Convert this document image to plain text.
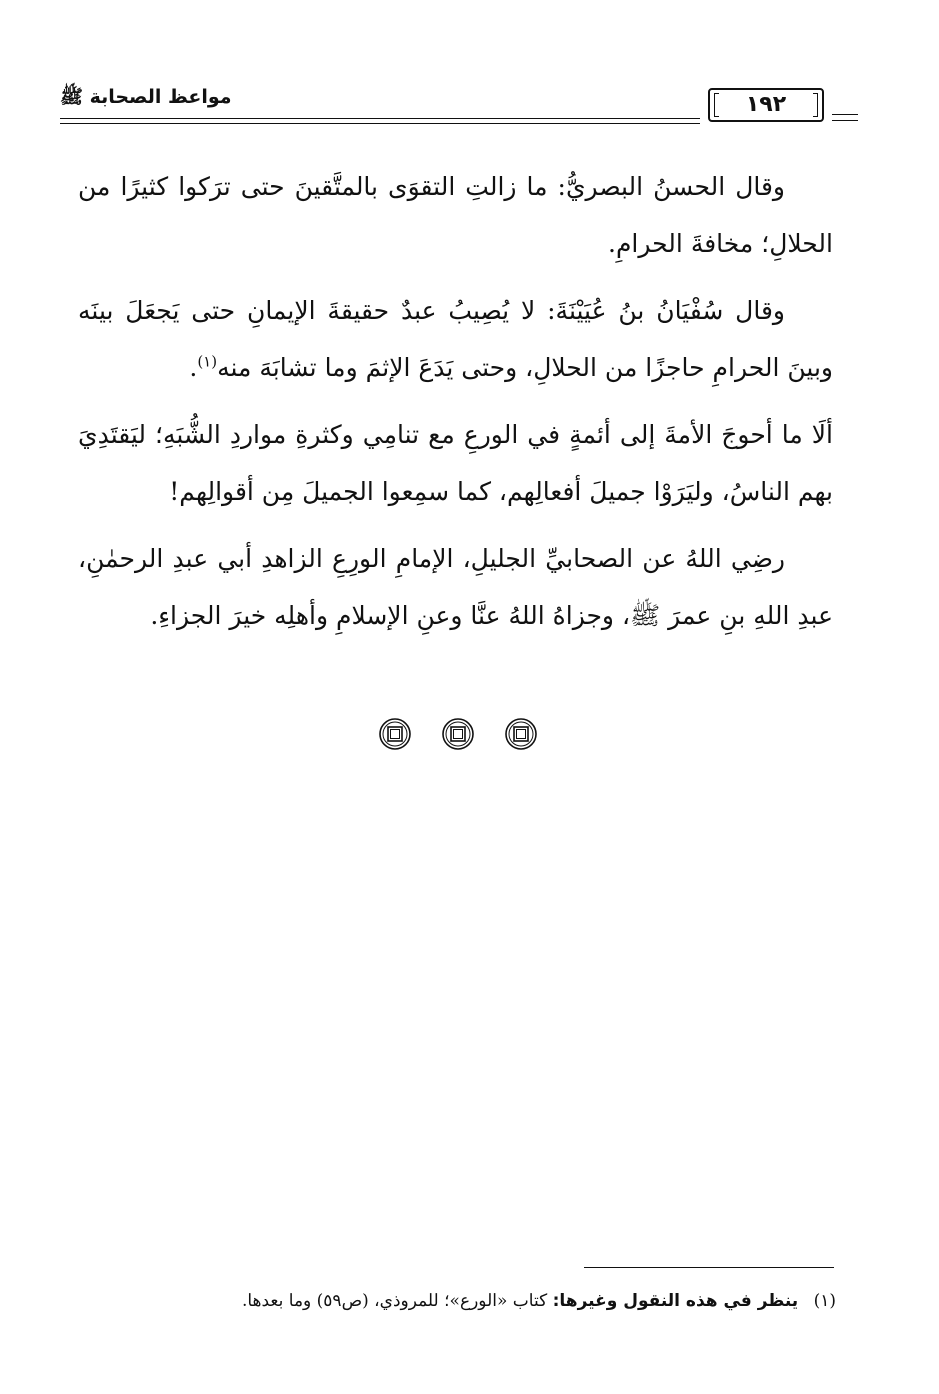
مواعظ الصحابة ﷺ	١٩٢

وقال الحسنُ البصريُّ: ما زالتِ التقوَى بالمتَّقينَ حتى ترَكوا كثيرًا من الحلالِ؛ مخافةَ الحرامِ.

وقال سُفْيَانُ بنُ عُيَيْنَةَ: لا يُصِيبُ عبدٌ حقيقةَ الإيمانِ حتى يَجعَلَ بينَه وبينَ الحرامِ حاجزًا من الحلالِ، وحتى يَدَعَ الإثمَ وما تشابَهَ منه$^{(١)}$.

ألَا ما أحوجَ الأمةَ إلى أئمةٍ في الورعِ مع تنامِي وكثرةِ مواردِ الشُّبَهِ؛ ليَقتَدِيَ بهم الناسُ، وليَرَوْا جميلَ أفعالِهم، كما سمِعوا الجميلَ مِن أقوالِهم!

رضِي اللهُ عن الصحابيِّ الجليلِ، الإمامِ الورِعِ الزاهدِ أبي عبدِ الرحمٰنِ، عبدِ اللهِ بنِ عمرَ ﷺ، وجزاهُ اللهُ عنَّا وعنِ الإسلامِ وأهلِه خيرَ الجزاءِ.

(١) ينظر في هذه النقول وغيرها: كتاب «الورع»؛ للمروذي، (ص٥٩) وما بعدها.
